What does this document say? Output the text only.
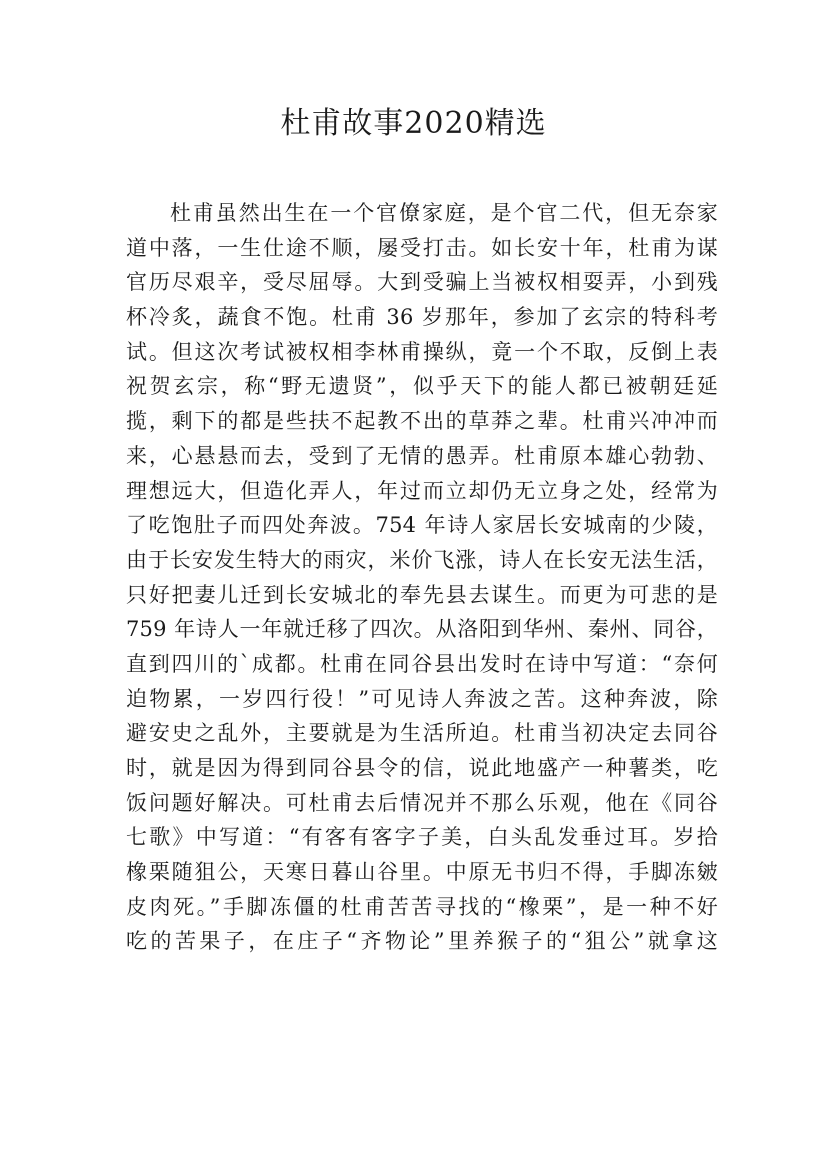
杜甫故事2020精选
杜甫虽然出生在一个官僚家庭，是个官二代，但无奈家
道中落，一生仕途不顺，屡受打击。如长安十年，杜甫为谋
官历尽艰辛，受尽屈辱。大到受骗上当被权相耍弄，小到残
杯冷炙，蔬食不饱。杜甫 36 岁那年，参加了玄宗的特科考
试。但这次考试被权相李林甫操纵，竟一个不取，反倒上表
祝贺玄宗，称“野无遗贤”，似乎天下的能人都已被朝廷延
揽，剩下的都是些扶不起教不出的草莽之辈。杜甫兴冲冲而
来，心悬悬而去，受到了无情的愚弄。杜甫原本雄心勃勃、
理想远大，但造化弄人，年过而立却仍无立身之处，经常为
了吃饱肚子而四处奔波。754 年诗人家居长安城南的少陵，
由于长安发生特大的雨灾，米价飞涨，诗人在长安无法生活，
只好把妻儿迁到长安城北的奉先县去谋生。而更为可悲的是
759 年诗人一年就迁移了四次。从洛阳到华州、秦州、同谷，
直到四川的`成都。杜甫在同谷县出发时在诗中写道：“奈何
迫物累，一岁四行役！”可见诗人奔波之苦。这种奔波，除
避安史之乱外，主要就是为生活所迫。杜甫当初决定去同谷
时，就是因为得到同谷县令的信，说此地盛产一种薯类，吃
饭问题好解决。可杜甫去后情况并不那么乐观，他在《同谷
七歌》中写道：“有客有客字子美，白头乱发垂过耳。岁拾
橡栗随狙公，天寒日暮山谷里。中原无书归不得，手脚冻皴
皮肉死。”手脚冻僵的杜甫苦苦寻找的“橡栗”，是一种不好
吃的苦果子，在庄子“齐物论”里养猴子的“狙公”就拿这
